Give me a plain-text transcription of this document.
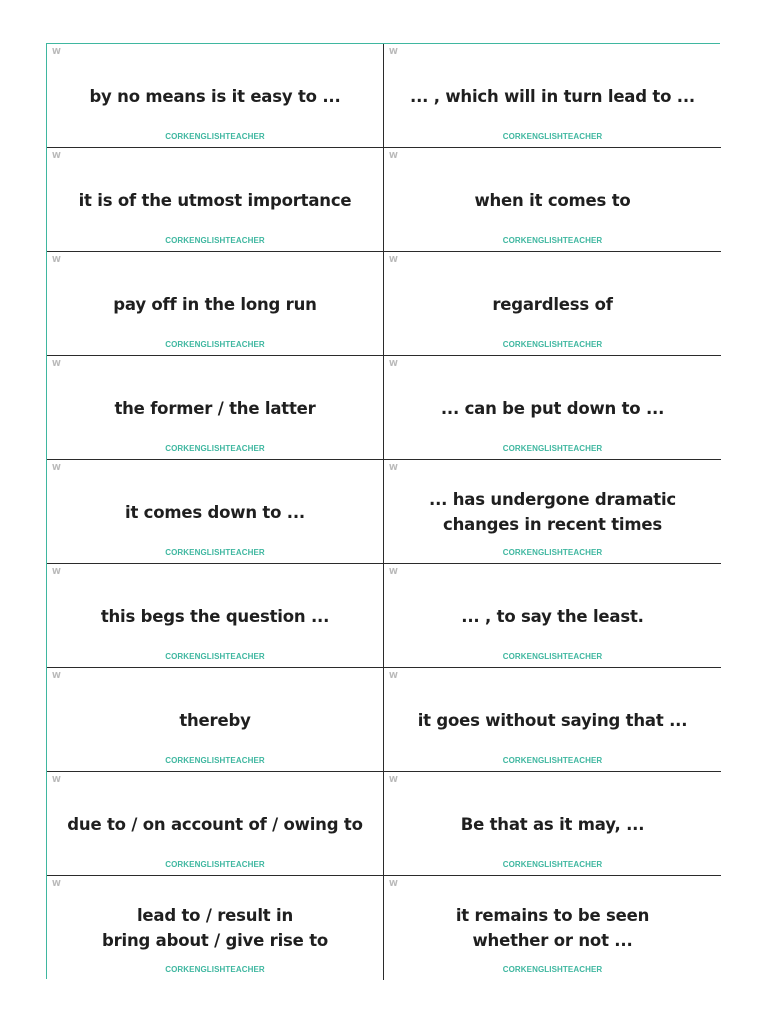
W
by no means is it easy to ...
CORKENGLISHTEACHER
W
... , which will in turn lead to ...
CORKENGLISHTEACHER
W
it is of the utmost importance
CORKENGLISHTEACHER
W
when it comes to
CORKENGLISHTEACHER
W
pay off in the long run
CORKENGLISHTEACHER
W
regardless of
CORKENGLISHTEACHER
W
the former / the latter
CORKENGLISHTEACHER
W
... can be put down to ...
CORKENGLISHTEACHER
W
it comes down to ...
CORKENGLISHTEACHER
W
... has undergone dramatic
changes in recent times
CORKENGLISHTEACHER
W
this begs the question ...
CORKENGLISHTEACHER
W
... , to say the least.
CORKENGLISHTEACHER
W
thereby
CORKENGLISHTEACHER
W
it goes without saying that ...
CORKENGLISHTEACHER
W
due to / on account of / owing to
CORKENGLISHTEACHER
W
Be that as it may, ...
CORKENGLISHTEACHER
W
lead to / result in
bring about / give rise to
CORKENGLISHTEACHER
W
it remains to be seen
whether or not ...
CORKENGLISHTEACHER
